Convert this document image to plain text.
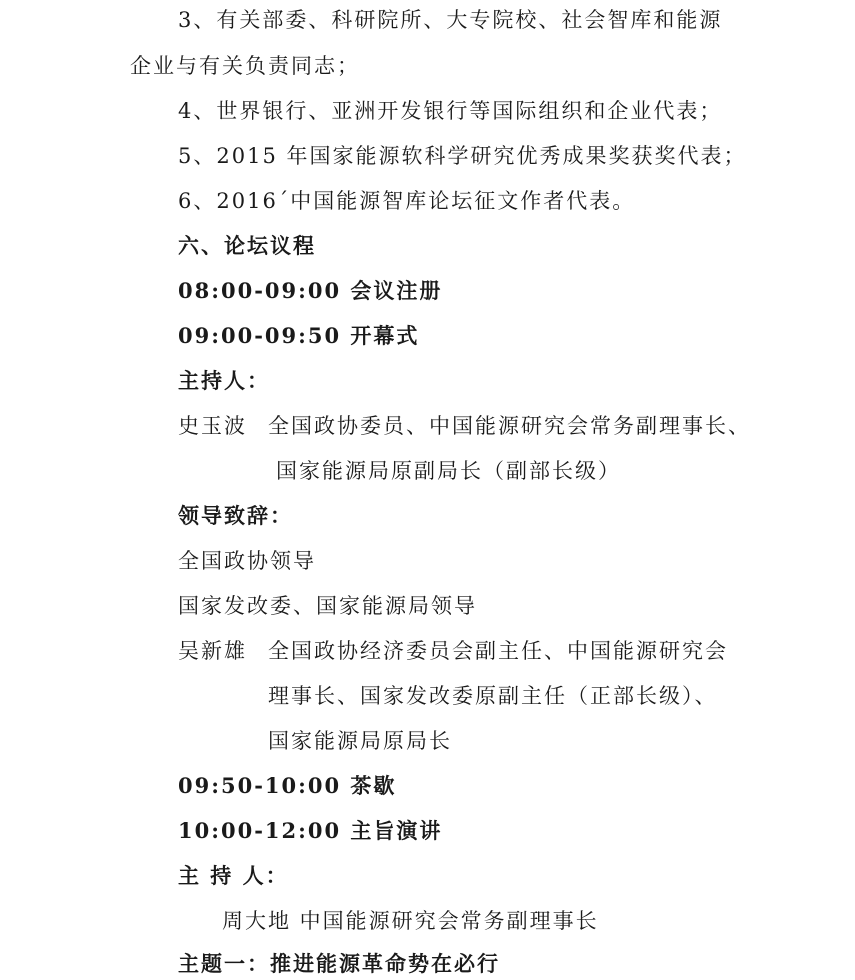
3、有关部委、科研院所、大专院校、社会智库和能源
企业与有关负责同志；
4、世界银行、亚洲开发银行等国际组织和企业代表；
5、2015 年国家能源软科学研究优秀成果奖获奖代表；
6、2016´中国能源智库论坛征文作者代表。
六、论坛议程
08:00-09:00 会议注册
09:00-09:50 开幕式
主持人：
史玉波 全国政协委员、中国能源研究会常务副理事长、
国家能源局原副局长（副部长级）
领导致辞：
全国政协领导
国家发改委、国家能源局领导
吴新雄 全国政协经济委员会副主任、中国能源研究会
理事长、国家发改委原副主任（正部长级）、
国家能源局原局长
09:50-10:00 茶歇
10:00-12:00 主旨演讲
主 持 人：
周大地 中国能源研究会常务副理事长
主题一：推进能源革命势在必行
